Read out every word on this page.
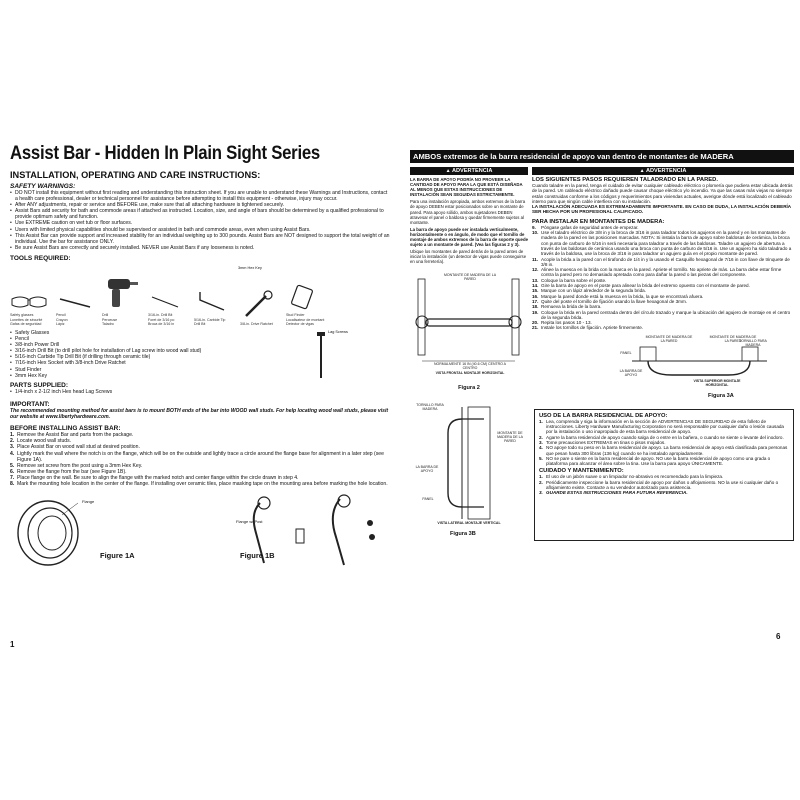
Assist Bar - Hidden In Plain Sight Series
INSTALLATION, OPERATING AND CARE INSTRUCTIONS:
SAFETY WARNINGS:
• DO NOT install this equipment without first reading and understanding this instruction sheet. If you are unable to understand these Warnings and Instructions, contact a health care professional, dealer or technical personnel for assistance before attempting to install this equipment - otherwise, injury may occur.
• After ANY adjustments, repair or service and BEFORE use, make sure that all attaching hardware is tightened securely.
• Assist Bars add security for bath and commode areas if attached as instructed. Location, size, and angle of bars should be determined by a qualified professional to provide optimum safety and function.
• Use EXTREME caution on wet tub or floor surfaces.
• Users with limited physical capabilities should be supervised or assisted in bath and commode areas, even when using Assist Bars.
• This Assist Bar can provide support and increased stability for an individual weighing up to 300 pounds. Assist Bars are NOT designed to support the total weight of an individual. Use the bar for assistance ONLY.
• Be sure Assist Bars are correctly and securely installed. NEVER use Assist Bars if any looseness is noted.
TOOLS REQUIRED:
3mm Hex Key
Safety glasses
Lunettes de sécurité
Gafas de seguridad
Pencil
Crayon
Lápiz
Drill
Perceuse
Taladro
3/16-in. Drill Bit
Foret de 3/16 po
Broca de 3/16 in
5/16-in. Carbide Tip
Drill Bit	3/8-in. Drive Ratchet
Stud Finder
Localisateur de montant
Detector de vigas
• Safety Glasses
• Pencil
• 3/8-inch Power Drill
• 3/16-inch Drill Bit (to drill pilot hole for installation of Lag screw into wood wall stud)
• 5/16-inch Carbide Tip Drill Bit (if drilling through ceramic tile)
• 7/16-inch Hex Socket with 3/8-inch Drive Ratchet
• Stud Finder
• 3mm Hex Key
Lag Screws
PARTS SUPPLIED:
• 1/4-inch x 2-1/2 inch Hex head Lag Screws
IMPORTANT:
The recommended mounting method for assist bars is to mount BOTH ends of the bar into WOOD wall studs. For help locating wood wall studs, please visit our website at www.libertyhardware.com.
BEFORE INSTALLING ASSIST BAR:
1. Remove the Assist Bar and parts from the package.
2. Locate wood wall studs.
3. Place Assist Bar on wood wall stud at desired position.
4. Lightly mark the wall where the notch is on the flange, which will be on the outside and lightly trace a circle around the flange base for alignment in a later step (see Figure 1A).
5. Remove set screw from the post using a 3mm Hex Key.
6. Remove the flange from the bar (see Figure 1B).
7. Place flange on the wall. Be sure to align the flange with the marked notch and center flange within the circle drawn in step 4.
8. Mark the mounting hole location in the center of the flange. If installing over ceramic tiles, place masking tape on the mounting area before marking the hole location.
Flange
Figure 1A
Flange w/ Post
Figure 1B
1
AMBOS extremos de la barra residencial de apoyo van dentro de montantes de MADERA
▲ ADVERTENCIA
LA BARRA DE APOYO PODRÍA NO PROVEER LA CANTIDAD DE APOYO PARA LA QUE ESTÁ DISEÑADA AL MENOS QUE ESTAS INSTRUCCIONES DE INSTALACIÓN SEAN SEGUIDAS ESTRICTAMENTE.
Para una instalación apropiada, ambos extremos de la barra de apoyo DEBEN estar posicionados sobre un montante de pared. Para apoyo sólido, ambos sujetadores DEBEN atravesar el panel o baldosa y quedar firmemente sujetos al montante.
La barra de apoyo puede ser instalada verticalmente, horizontalmente o en ángulo, de modo que el tornillo de montaje de ambos extremos de la barra de soporte quede sujeto a un montante de pared. (Vea las figuras 2 y 3).
Ubique los montantes de pared detrás de la pared antes de iniciar la instalación (un detector de vigas puede conseguirse en una ferretería).
MONTANTE DE MADERA DE LA PARED
NORMALMENTE 16 IN (40.6 CM) CENTRO A CENTRO
VISTA FRONTAL MONTAJE HORIZONTAL
Figura 2
▲ ADVERTENCIA
LOS SIGUIENTES PASOS REQUIEREN TALADRADO EN LA PARED.
Cuando taladre en la pared, tenga el cuidado de evitar cualquier cableado eléctrico o plomería que pudiera estar ubicada detrás de la pared. Un cableado eléctrico dañado puede causar choque eléctrico y/o incendio. Ya que las casas más viejas no siempre están construidas conforme a los códigos y requerimientos para viviendas actuales, averigüe dónde está localizado el cableado interno para que ningún cable interfiera con su instalación.
LA INSTALACIÓN ADECUADA ES EXTREMADAMENTE IMPORTANTE. EN CASO DE DUDA, LA INSTALACIÓN DEBERÍA SER HECHA POR UN PROFESIONAL CALIFICADO.
PARA INSTALAR EN MONTANTES DE MADERA:
9. Póngase gafas de seguridad antes de empezar.
10. Use el taladro eléctrico de 3/8 in y la broca de 3/16 in para taladrar todos los agujeros en la pared y en los montantes de madera de la pared en las posiciones marcadas. NOTA: Si instala la barra de apoyo sobre baldosas de cerámica, la broca con punta de carburo de 5/16 in será necesaria para taladrar a través de las baldosas. Taladre un agujero de abertura a través de las baldosas de cerámica usando una broca con punta de carburo de 5/16 in. Use un agujero ha sido taladrado a través de la baldosa, use la broca de 3/16 in para taladrar un agujero guía en el propio montante de pared.
11. Acople la brida a la pared con el tirafondo de 1/4 in y la usando el Casquillo hexagonal de 7/16 in con llave de trinquete de 3/8 in.
12. Alinee la muesca en la brida con la marca en la pared. Apriete el tornillo. No apriete de más. La barra debe estar firme contra la pared pero no demasiado apretada como para dañar la pared o las piezas del componente.
13. Coloque la barra sobre el poste.
14. Gire la barra de apoyo en el poste para alinear la brida del extremo opuesto con el montante de pared.
15. Marque con un lápiz alrededor de la segunda brida.
16. Marque la pared donde está la muesca en la brida, la que se encontrará afuera.
17. Quite del poste el tornillo de fijación usando la llave hexagonal de 3mm.
18. Remueva la brida de la barra.
19. Coloque la brida en la pared centrada dentro del círculo trazado y marque la ubicación del agujero de montaje en el centro de la segunda brida.
20. Repita los pasos 10 - 13.
21. Instale los tornillos de fijación. Apriete firmemente.
MONTANTE DE MADERA DE LA PARED
MONTANTE DE MADERA DE LA PARED
PANEL
TORNILLO PARA MADERA
LA BARRA DE APOYO
VISTA SUPERIOR MONTAJE HORIZONTAL
Figura 3A
TORNILLO PARA MADERA
MONTANTE DE MADERA DE LA PARED
LA BARRA DE APOYO
PANEL
VISTA LATERAL MONTAJE VERTICAL
Figura 3B
USO DE LA BARRA RESIDENCIAL DE APOYO:
1. Lea, comprenda y siga la información en la sección de ADVERTENCIAS DE SEGURIDAD de esta folleto de instrucciones. Liberty Hardware Manufacturing Corporation no será responsable por cualquier daño o lesión causada por la instalación o uso inapropiado de esta barra residencial de apoyo.
2. Agarre la barra residencial de apoyo cuando salga de o entre en la bañera, o cuando se siente o levante del inodoro.
3. Tome precauciones EXTREMAS en tinas o pisos mojados.
4. NO apoye todo su peso en la barra residencial de apoyo. La barra residencial de apoyo está clasificada para personas que pesan hasta 300 libras (136 kg) cuando se ha instalado apropiadamente.
5. NO se pare o siente en la barra residencial de apoyo. NO use la barra residencial de apoyo como una grada o plataforma para alcanzar el área sobre la tina. Use la barra para apoyo ÚNICAMENTE.
CUIDADO Y MANTENIMIENTO:
1. El uso de un jabón suave o un limpiador no-abrasivo es recomendado para la limpieza.
2. Periódicamente inspeccione la barra residencial de apoyo por daños o aflojamiento. NO la use si cualquier daño o aflojamiento existe. Contacte a su vendedor autorizado para asistencia.
3. GUARDE ESTAS INSTRUCCIONES PARA FUTURA REFERENCIA.
6
